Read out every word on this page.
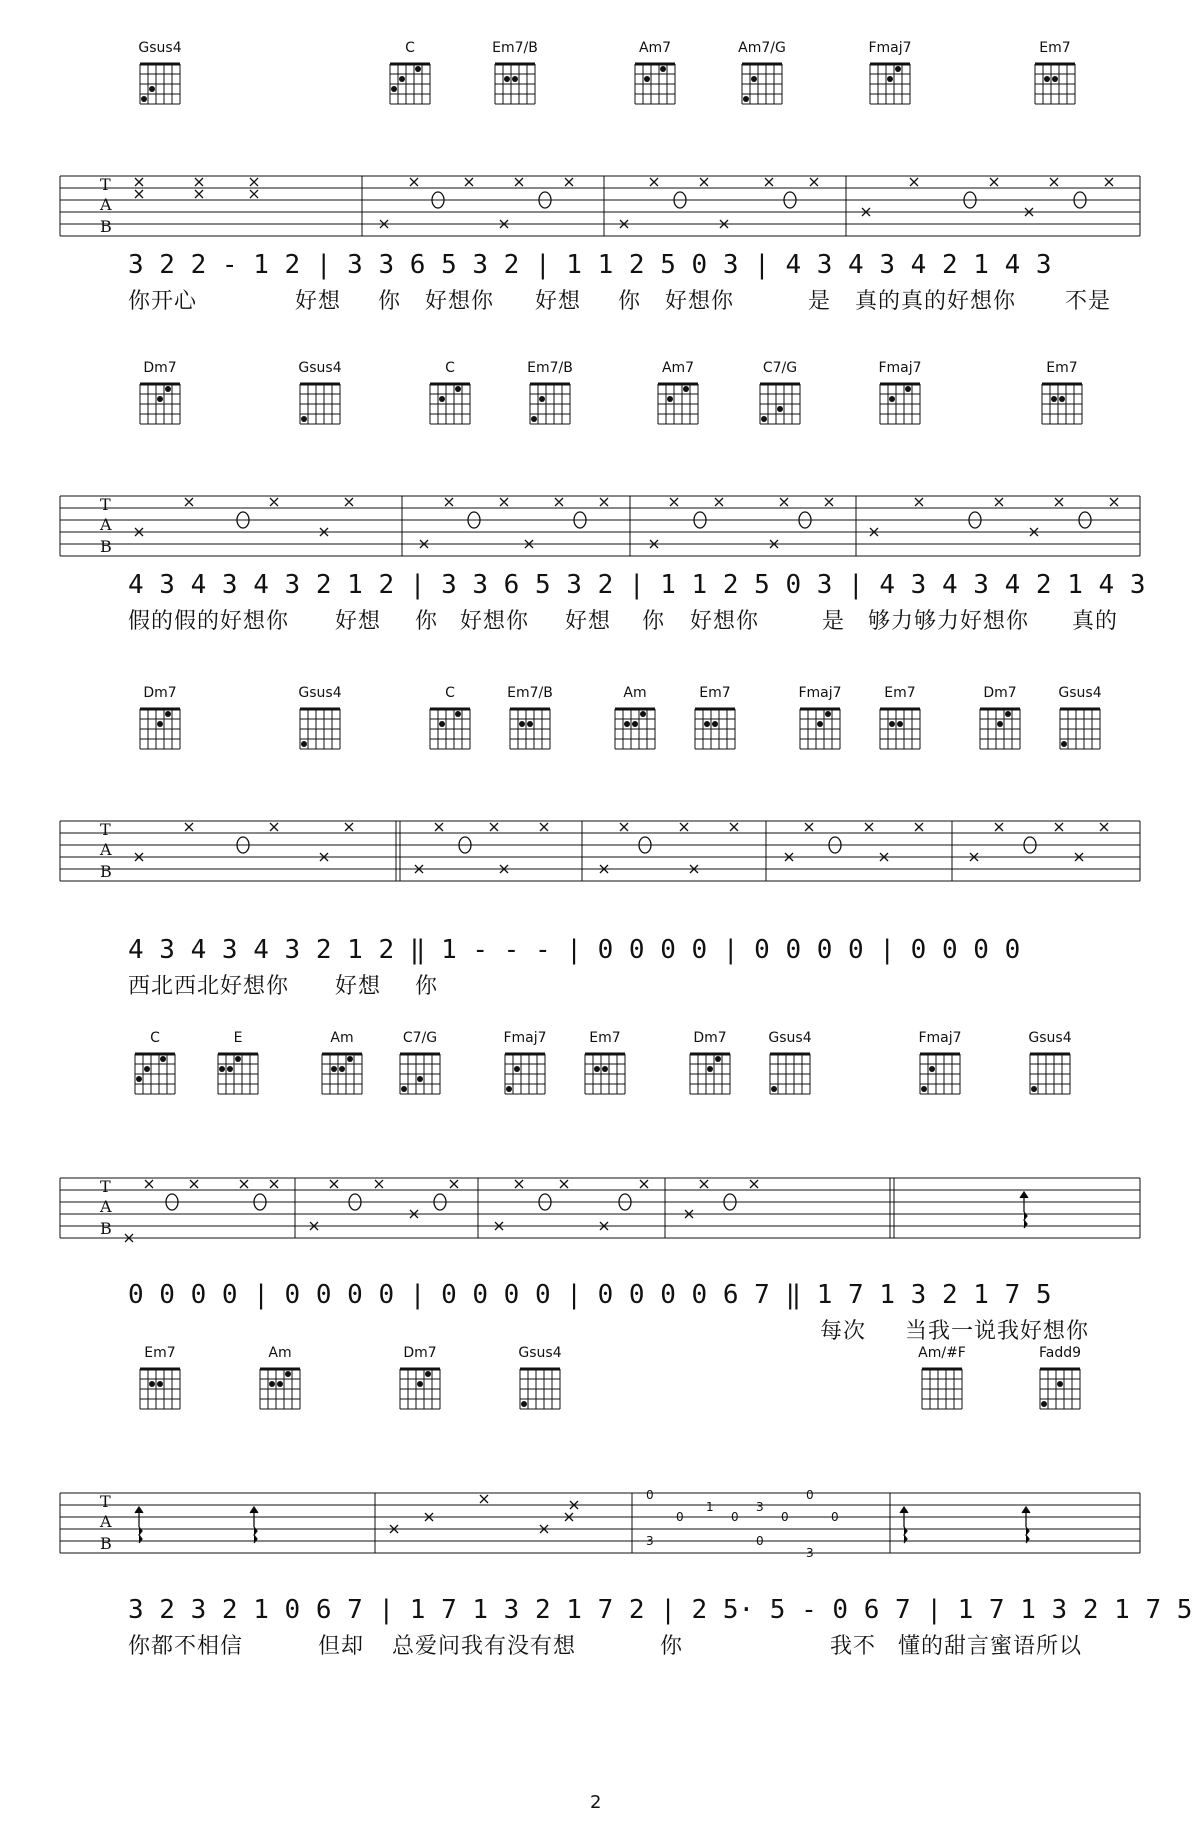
Gsus4	C	Em7/B	Am7	Am7/G	Fmaj7	Em7
T
A
B
3 2 2 - 1 2 | 3 3 6 5 3 2 | 1 1 2 5 0 3 | 4 3 4 3 4 2 1 4 3
你开心	好想 你 好想你 好想 你 好想你	是 真的真的好想你 不是
Dm7	Gsus4	C	Em7/B	Am7	C7/G	Fmaj7	Em7
T
A
B
4 3 4 3 4 3 2 1 2 | 3 3 6 5 3 2 | 1 1 2 5 0 3 | 4 3 4 3 4 2 1 4 3
假的假的好想你 好想 你 好想你 好想 你 好想你	是 够力够力好想你 真的
Dm7	Gsus4	C	Em7/B	Am	Em7	Fmaj7	Em7	Dm7	Gsus4
T
A
B
4 3 4 3 4 3 2 1 2 ‖ 1 - - - | 0 0 0 0 | 0 0 0 0 | 0 0 0 0
西北西北好想你 好想 你
C	E	Am	C7/G	Fmaj7	Em7	Dm7	Gsus4	Fmaj7	Gsus4
T
A
B
0 0 0 0 | 0 0 0 0 | 0 0 0 0 | 0 0 0 0 6 7 ‖ 1 7 1 3 2 1 7 5
每次 当我一说我好想你
Em7	Am	Dm7	Gsus4	Am/#F	Fadd9
T
A
B
0
0
1
0
3
0
0
0
3	0
3
3 2 3 2 1 0 6 7 | 1 7 1 3 2 1 7 2 | 2 5· 5 - 0 6 7 | 1 7 1 3 2 1 7 5
你都不相信	但却 总爱问我有没有想	你	我不 懂的甜言蜜语所以
2
